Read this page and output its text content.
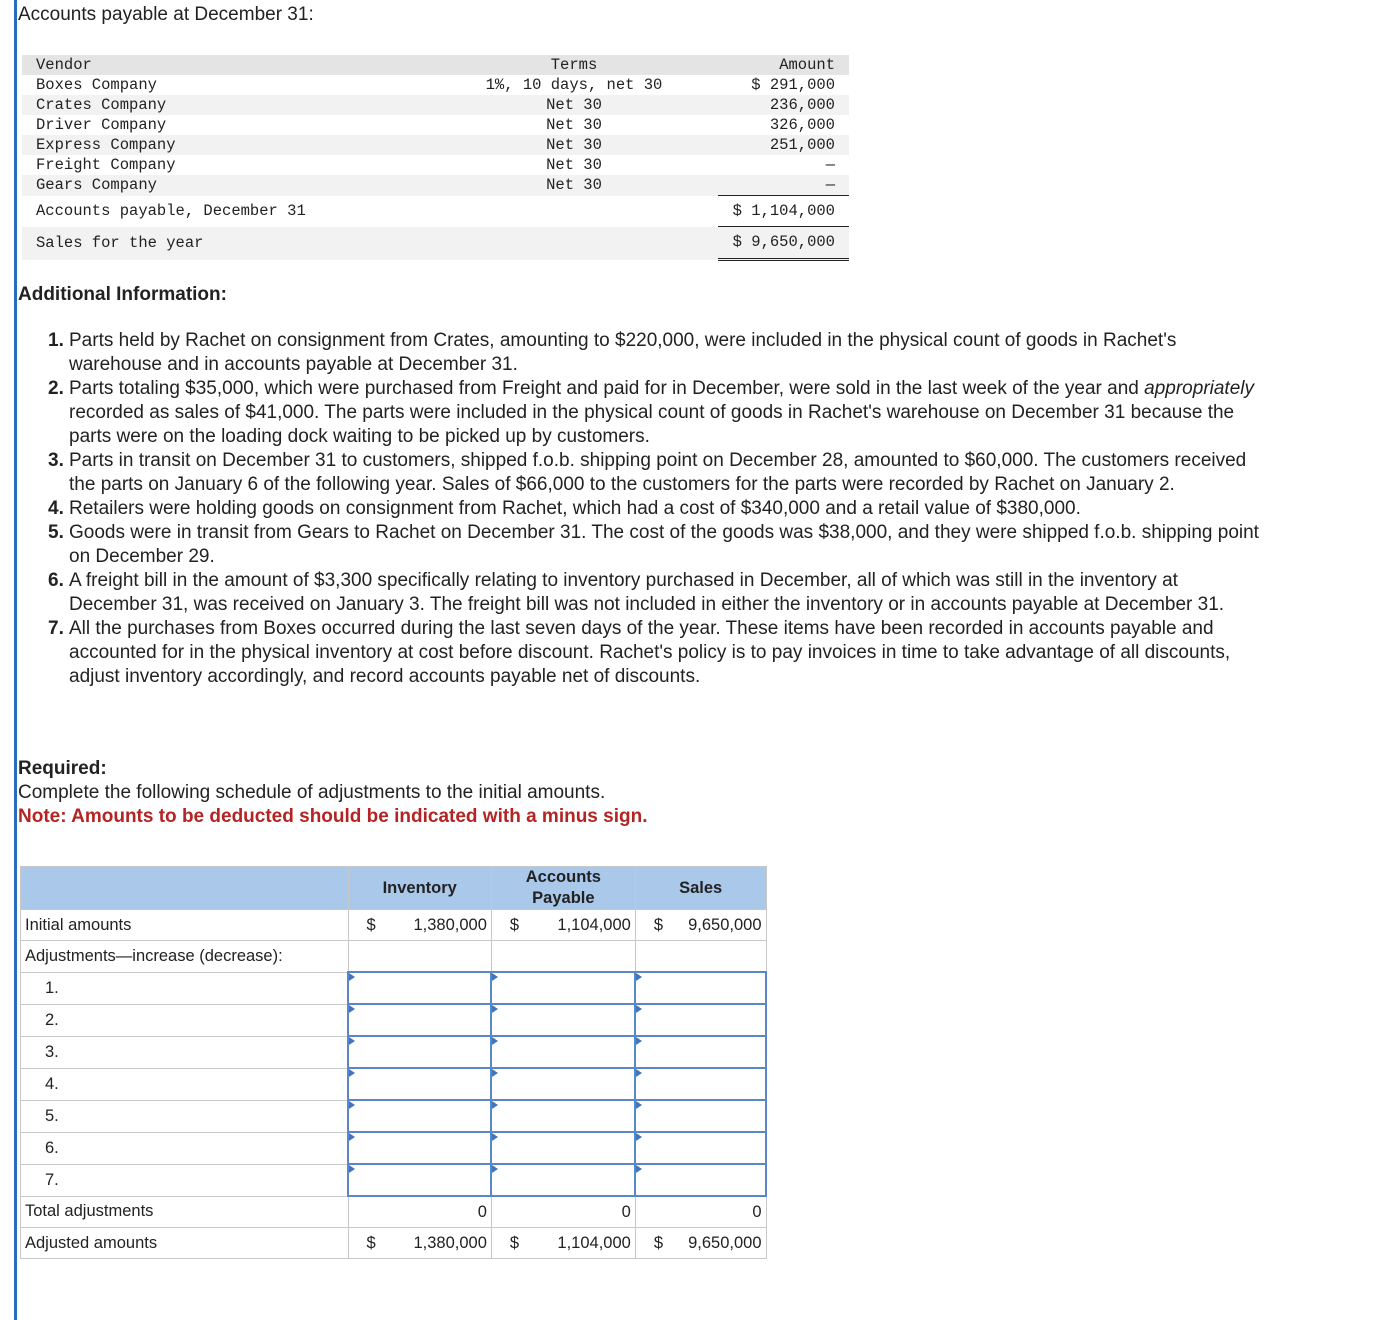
Accounts payable at December 31:
Vendor	Terms	Amount
Boxes Company	1%, 10 days, net 30	$ 291,000
Crates Company	Net 30	236,000
Driver Company	Net 30	326,000
Express Company	Net 30	251,000
Freight Company	Net 30	—
Gears Company	Net 30	—
Accounts payable, December 31		$ 1,104,000
Sales for the year		$ 9,650,000
Additional Information:
1. Parts held by Rachet on consignment from Crates, amounting to $220,000, were included in the physical count of goods in Rachet's warehouse and in accounts payable at December 31.
2. Parts totaling $35,000, which were purchased from Freight and paid for in December, were sold in the last week of the year and appropriately recorded as sales of $41,000. The parts were included in the physical count of goods in Rachet's warehouse on December 31 because the parts were on the loading dock waiting to be picked up by customers.
3. Parts in transit on December 31 to customers, shipped f.o.b. shipping point on December 28, amounted to $60,000. The customers received the parts on January 6 of the following year. Sales of $66,000 to the customers for the parts were recorded by Rachet on January 2.
4. Retailers were holding goods on consignment from Rachet, which had a cost of $340,000 and a retail value of $380,000.
5. Goods were in transit from Gears to Rachet on December 31. The cost of the goods was $38,000, and they were shipped f.o.b. shipping point on December 29.
6. A freight bill in the amount of $3,300 specifically relating to inventory purchased in December, all of which was still in the inventory at December 31, was received on January 3. The freight bill was not included in either the inventory or in accounts payable at December 31.
7. All the purchases from Boxes occurred during the last seven days of the year. These items have been recorded in accounts payable and accounted for in the physical inventory at cost before discount. Rachet's policy is to pay invoices in time to take advantage of all discounts, adjust inventory accordingly, and record accounts payable net of discounts.
Required:
Complete the following schedule of adjustments to the initial amounts.
Note: Amounts to be deducted should be indicated with a minus sign.
	Inventory	Accounts Payable	Sales
Initial amounts	$ 1,380,000	$ 1,104,000	$ 9,650,000

Adjustments—increase (decrease):			
1.			
2.			
3.			
4.			
5.			
6.			
7.			
Total adjustments	0	0	0

Adjusted amounts	$ 1,380,000	$ 1,104,000	$ 9,650,000
